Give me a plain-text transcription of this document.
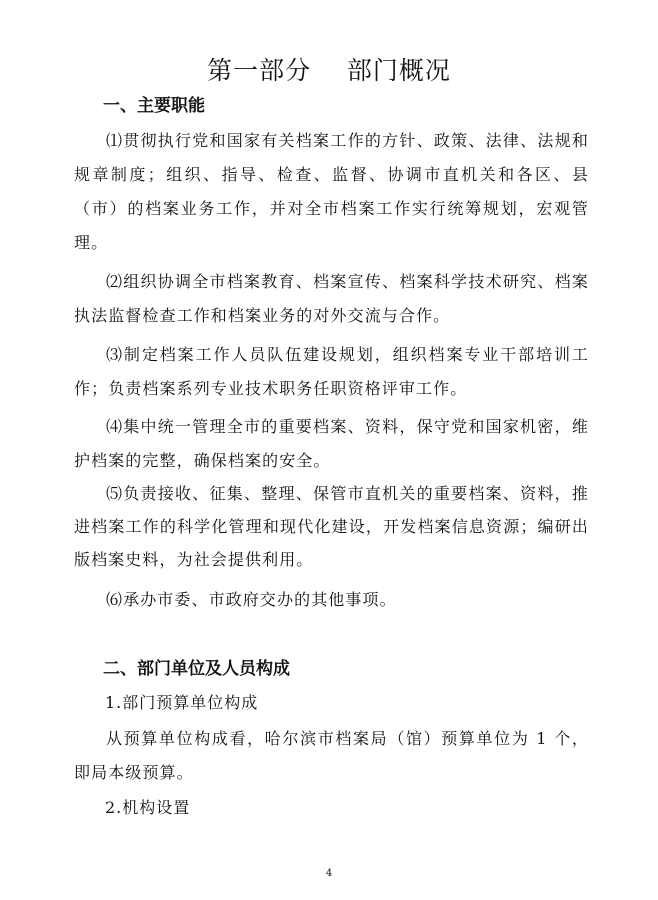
第一部分    部门概况
一、主要职能

⑴贯彻执行党和国家有关档案工作的方针、政策、法律、法规和规章制度；组织、指导、检查、监督、协调市直机关和各区、县（市）的档案业务工作，并对全市档案工作实行统筹规划，宏观管理。

⑵组织协调全市档案教育、档案宣传、档案科学技术研究、档案执法监督检查工作和档案业务的对外交流与合作。

⑶制定档案工作人员队伍建设规划，组织档案专业干部培训工作；负责档案系列专业技术职务任职资格评审工作。

⑷集中统一管理全市的重要档案、资料，保守党和国家机密，维护档案的完整，确保档案的安全。

⑸负责接收、征集、整理、保管市直机关的重要档案、资料，推进档案工作的科学化管理和现代化建设，开发档案信息资源；编研出版档案史料，为社会提供利用。

⑹承办市委、市政府交办的其他事项。

二、部门单位及人员构成
1.部门预算单位构成

从预算单位构成看，哈尔滨市档案局（馆）预算单位为 1 个，即局本级预算。

2.机构设置
4
